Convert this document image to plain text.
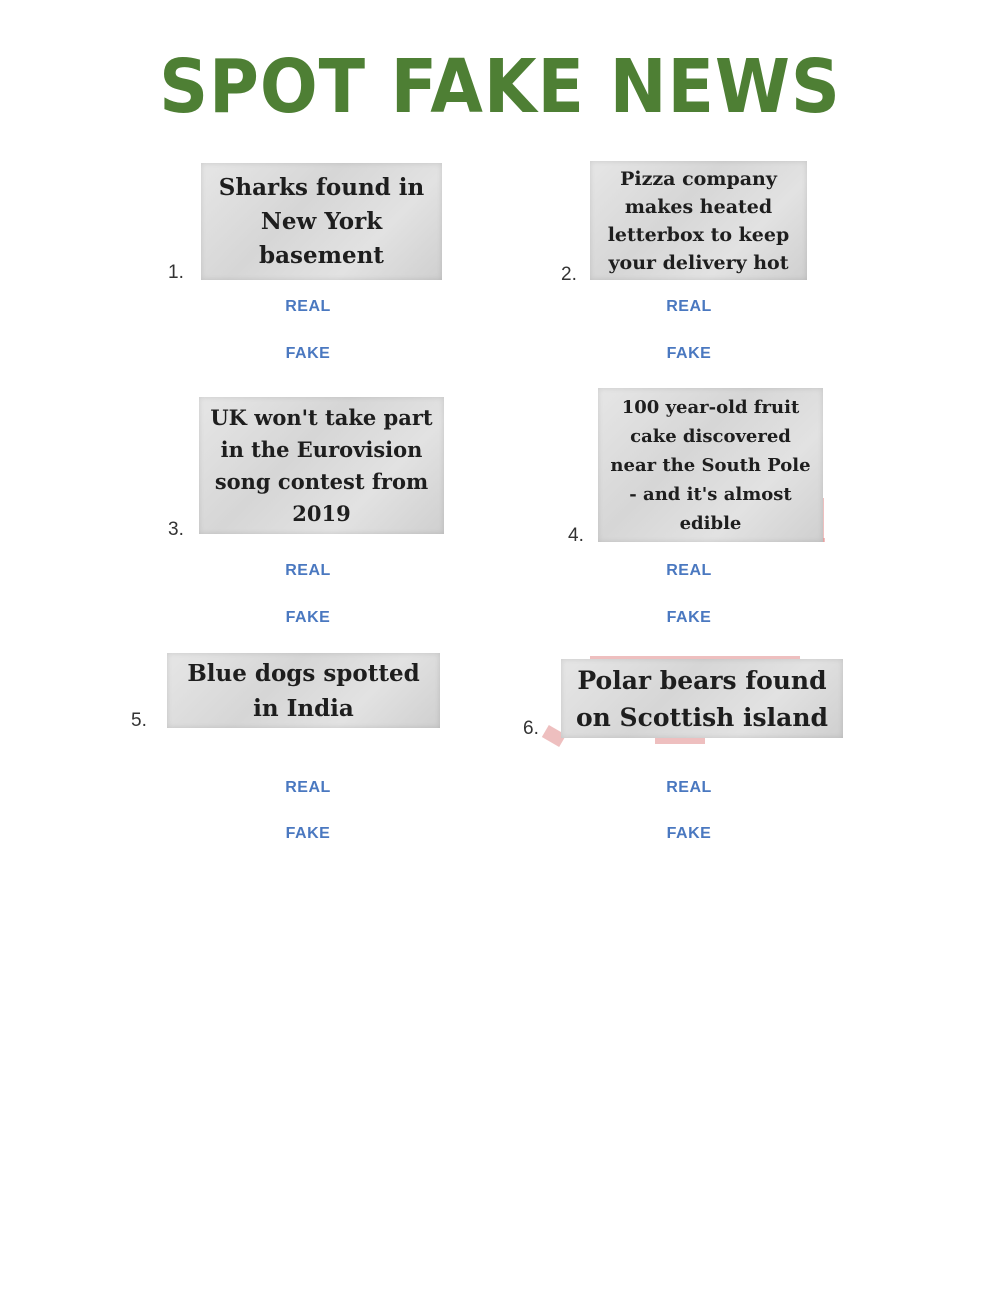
SPOT FAKE NEWS
1.
Sharks found in New York basement
REAL
FAKE
2.
Pizza company makes heated letterbox to keep your delivery hot
REAL
FAKE
3.
UK won't take part in the Eurovision song contest from 2019
REAL
FAKE
4.
100 year-old fruit cake discovered near the South Pole - and it's almost edible
REAL
FAKE
5.
Blue dogs spotted in India
REAL
FAKE
6.
Polar bears found on Scottish island
REAL
FAKE
